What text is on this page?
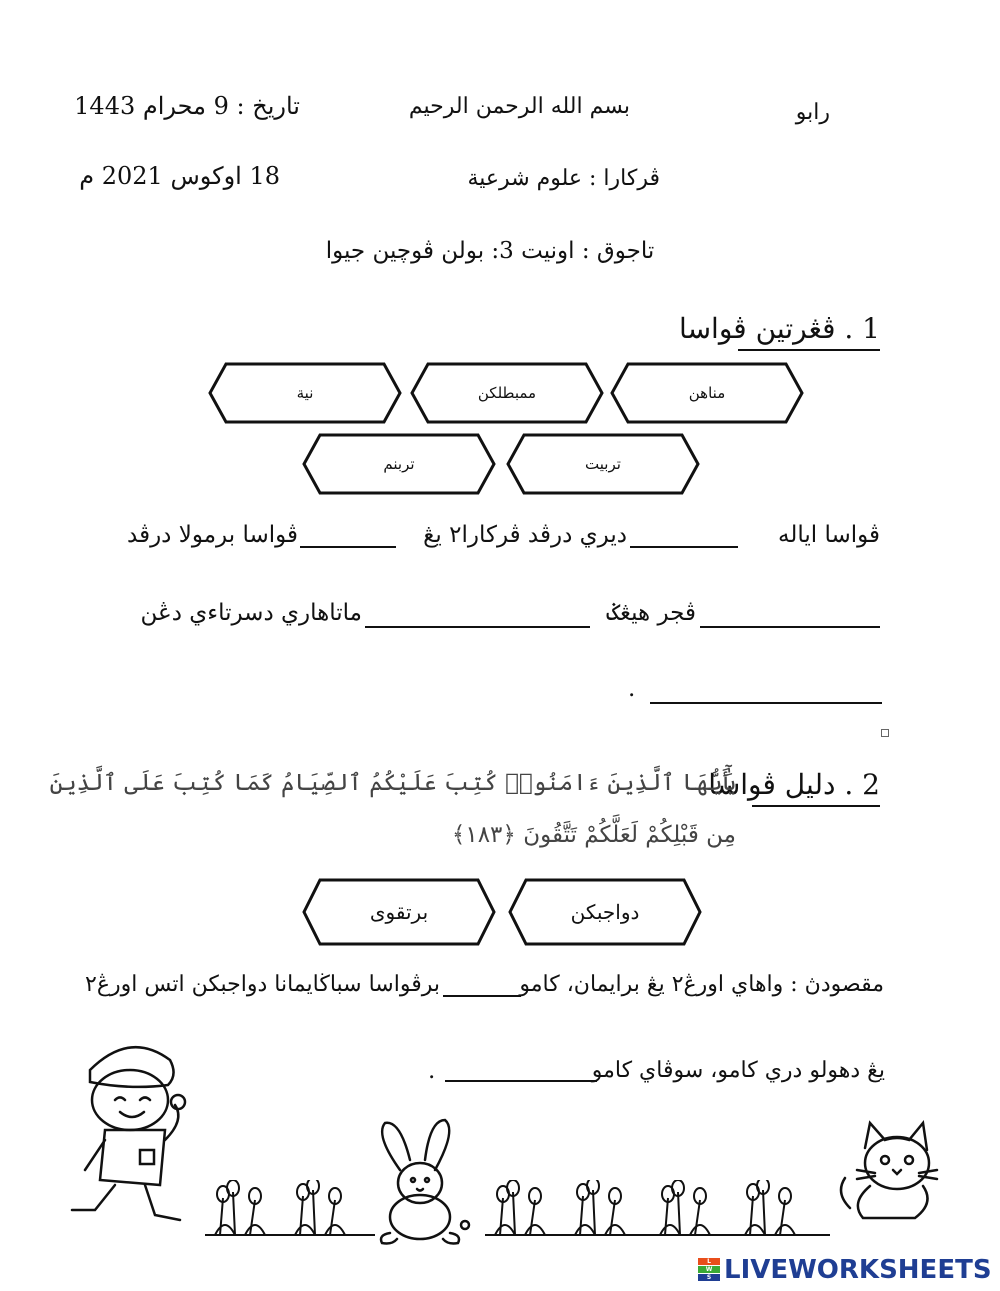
تاريخ : 9 محرام 1443	بسم الله الرحمن الرحيم	رابو
18 اوکوس 2021 م	ڤركارا : علوم شرعية
تاجوق : اونيت 3: بولن ڤوچين جيوا
1 . ڤڠرتين ڤواسا
نية	ممبطلكن	مناهن
تربنم	تربيت
ڤواسا اياله
ديري درڤد ڤركارا٢ يڠ
ڤواسا برمولا درڤد
ڤجر هيڠݢ
ماتاهاري دسرتاءي دڠن
.
2 . دليل ڤواسا
يَٰٓأَيُّهَا ٱلَّذِينَ ءَامَنُوا۟ كُتِبَ عَلَيْكُمُ ٱلصِّيَامُ كَمَا كُتِبَ عَلَى ٱلَّذِينَ
مِن قَبْلِكُمْ لَعَلَّكُمْ تَتَّقُونَ ﴿١٨٣﴾
برتقوى	دواجبكن
مقصودڽ : واهاي اورڠ٢ يڠ برايمان، كامو
برڤواسا سباڬايمانا دواجبكن اتس اورڠ٢
يڠ دهولو دري كامو، سوڤاي كامو
.
L
W
S LIVEWORKSHEETS
